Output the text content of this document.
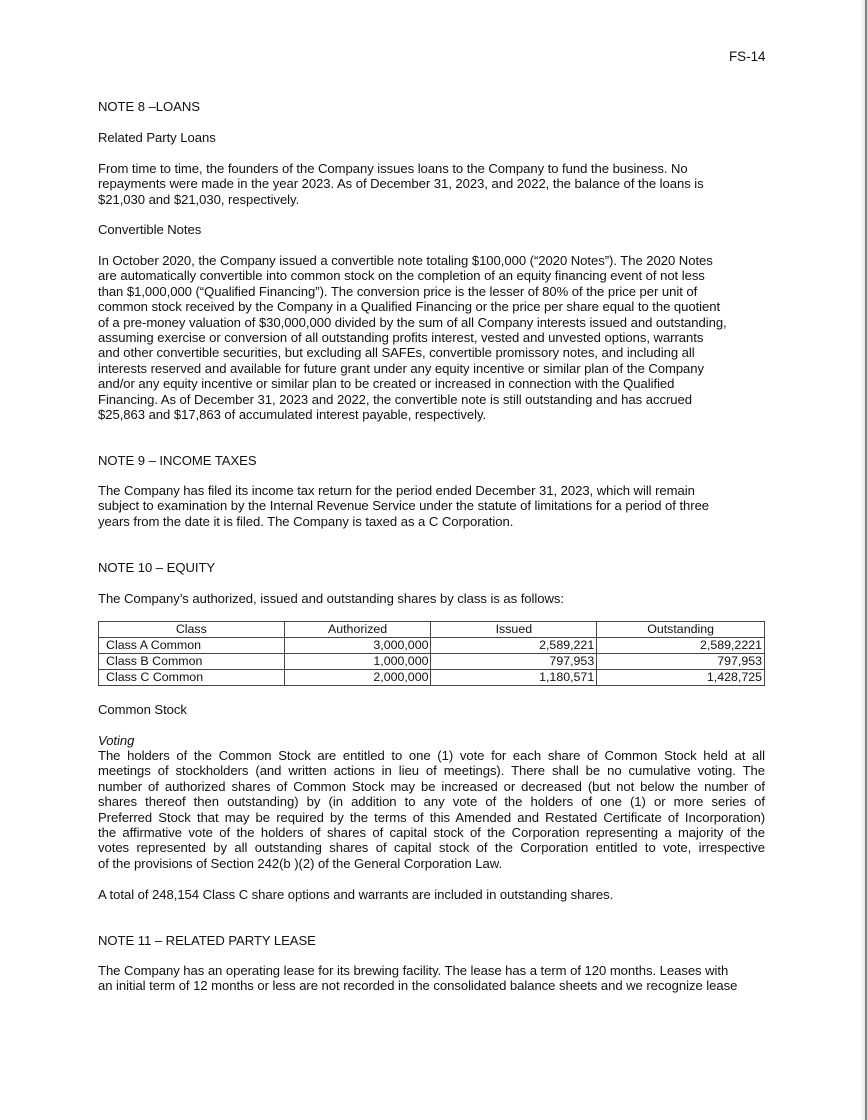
FS-14
NOTE 8 –LOANS
Related Party Loans
From time to time, the founders of the Company issues loans to the Company to fund the business. No
repayments were made in the year 2023. As of December 31, 2023, and 2022, the balance of the loans is
$21,030 and $21,030, respectively.
Convertible Notes
In October 2020, the Company issued a convertible note totaling $100,000 (“2020 Notes”). The 2020 Notes
are automatically convertible into common stock on the completion of an equity financing event of not less
than $1,000,000 (“Qualified Financing”). The conversion price is the lesser of 80% of the price per unit of
common stock received by the Company in a Qualified Financing or the price per share equal to the quotient
of a pre-money valuation of $30,000,000 divided by the sum of all Company interests issued and outstanding,
assuming exercise or conversion of all outstanding profits interest, vested and unvested options, warrants
and other convertible securities, but excluding all SAFEs, convertible promissory notes, and including all
interests reserved and available for future grant under any equity incentive or similar plan of the Company
and/or any equity incentive or similar plan to be created or increased in connection with the Qualified
Financing. As of December 31, 2023 and 2022, the convertible note is still outstanding and has accrued
$25,863 and $17,863 of accumulated interest payable, respectively.
NOTE 9 – INCOME TAXES
The Company has filed its income tax return for the period ended December 31, 2023, which will remain
subject to examination by the Internal Revenue Service under the statute of limitations for a period of three
years from the date it is filed. The Company is taxed as a C Corporation.
NOTE 10 – EQUITY
The Company’s authorized, issued and outstanding shares by class is as follows:
Class	Authorized	Issued	Outstanding
Class A Common	3,000,000	2,589,221	2,589,2221
Class B Common	1,000,000	797,953	797,953
Class C Common	2,000,000	1,180,571	1,428,725
Common Stock
Voting
The holders of the Common Stock are entitled to one (1) vote for each share of Common Stock held at all
meetings of stockholders (and written actions in lieu of meetings). There shall be no cumulative voting. The
number of authorized shares of Common Stock may be increased or decreased (but not below the number of
shares thereof then outstanding) by (in addition to any vote of the holders of one (1) or more series of
Preferred Stock that may be required by the terms of this Amended and Restated Certificate of Incorporation)
the affirmative vote of the holders of shares of capital stock of the Corporation representing a majority of the
votes represented by all outstanding shares of capital stock of the Corporation entitled to vote, irrespective
of the provisions of Section 242(b )(2) of the General Corporation Law.
A total of 248,154 Class C share options and warrants are included in outstanding shares.
NOTE 11 – RELATED PARTY LEASE
The Company has an operating lease for its brewing facility. The lease has a term of 120 months. Leases with
an initial term of 12 months or less are not recorded in the consolidated balance sheets and we recognize lease
